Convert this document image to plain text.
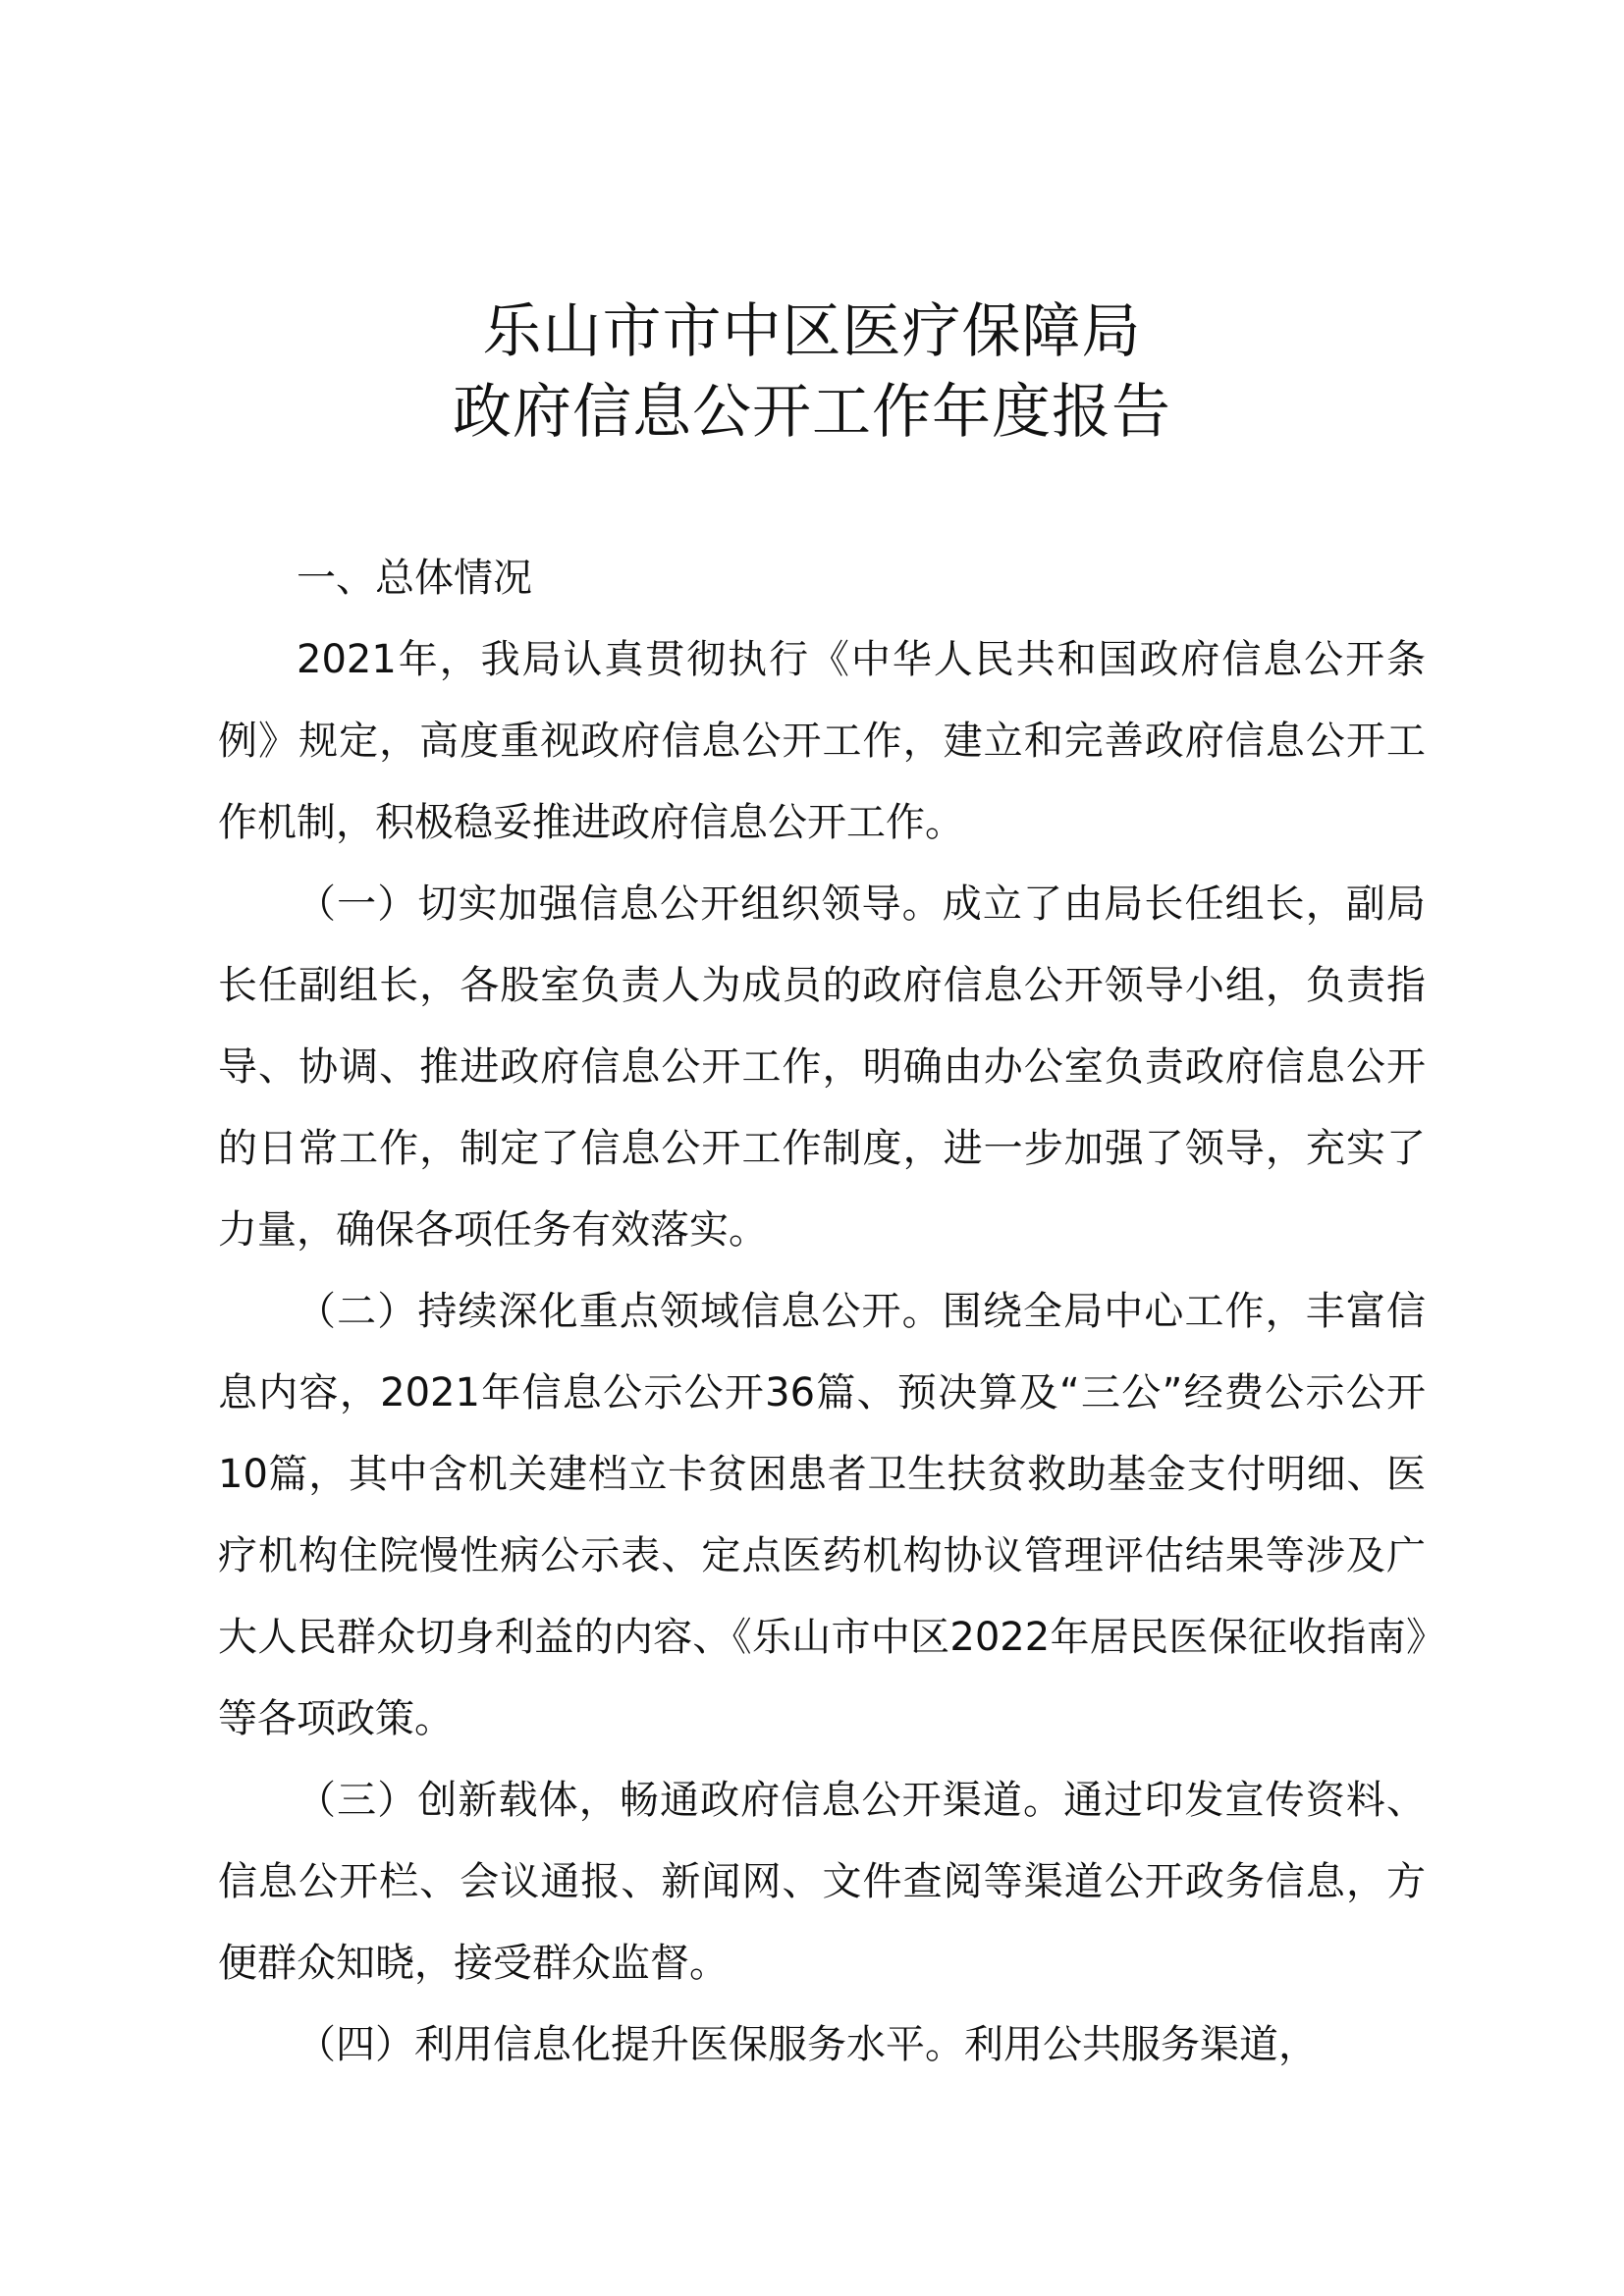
乐山市市中区医疗保障局
政府信息公开工作年度报告

一、总体情况

2021年，我局认真贯彻执行《中华人民共和国政府信息公开条例》规定，高度重视政府信息公开工作，建立和完善政府信息公开工作机制，积极稳妥推进政府信息公开工作。

（一）切实加强信息公开组织领导。成立了由局长任组长，副局长任副组长，各股室负责人为成员的政府信息公开领导小组，负责指导、协调、推进政府信息公开工作，明确由办公室负责政府信息公开的日常工作，制定了信息公开工作制度，进一步加强了领导，充实了力量，确保各项任务有效落实。

（二）持续深化重点领域信息公开。围绕全局中心工作，丰富信息内容，2021年信息公示公开36篇、预决算及“三公”经费公示公开10篇，其中含机关建档立卡贫困患者卫生扶贫救助基金支付明细、医疗机构住院慢性病公示表、定点医药机构协议管理评估结果等涉及广大人民群众切身利益的内容、《乐山市中区2022年居民医保征收指南》等各项政策。

（三）创新载体，畅通政府信息公开渠道。通过印发宣传资料、信息公开栏、会议通报、新闻网、文件查阅等渠道公开政务信息，方便群众知晓，接受群众监督。

（四）利用信息化提升医保服务水平。利用公共服务渠道，
